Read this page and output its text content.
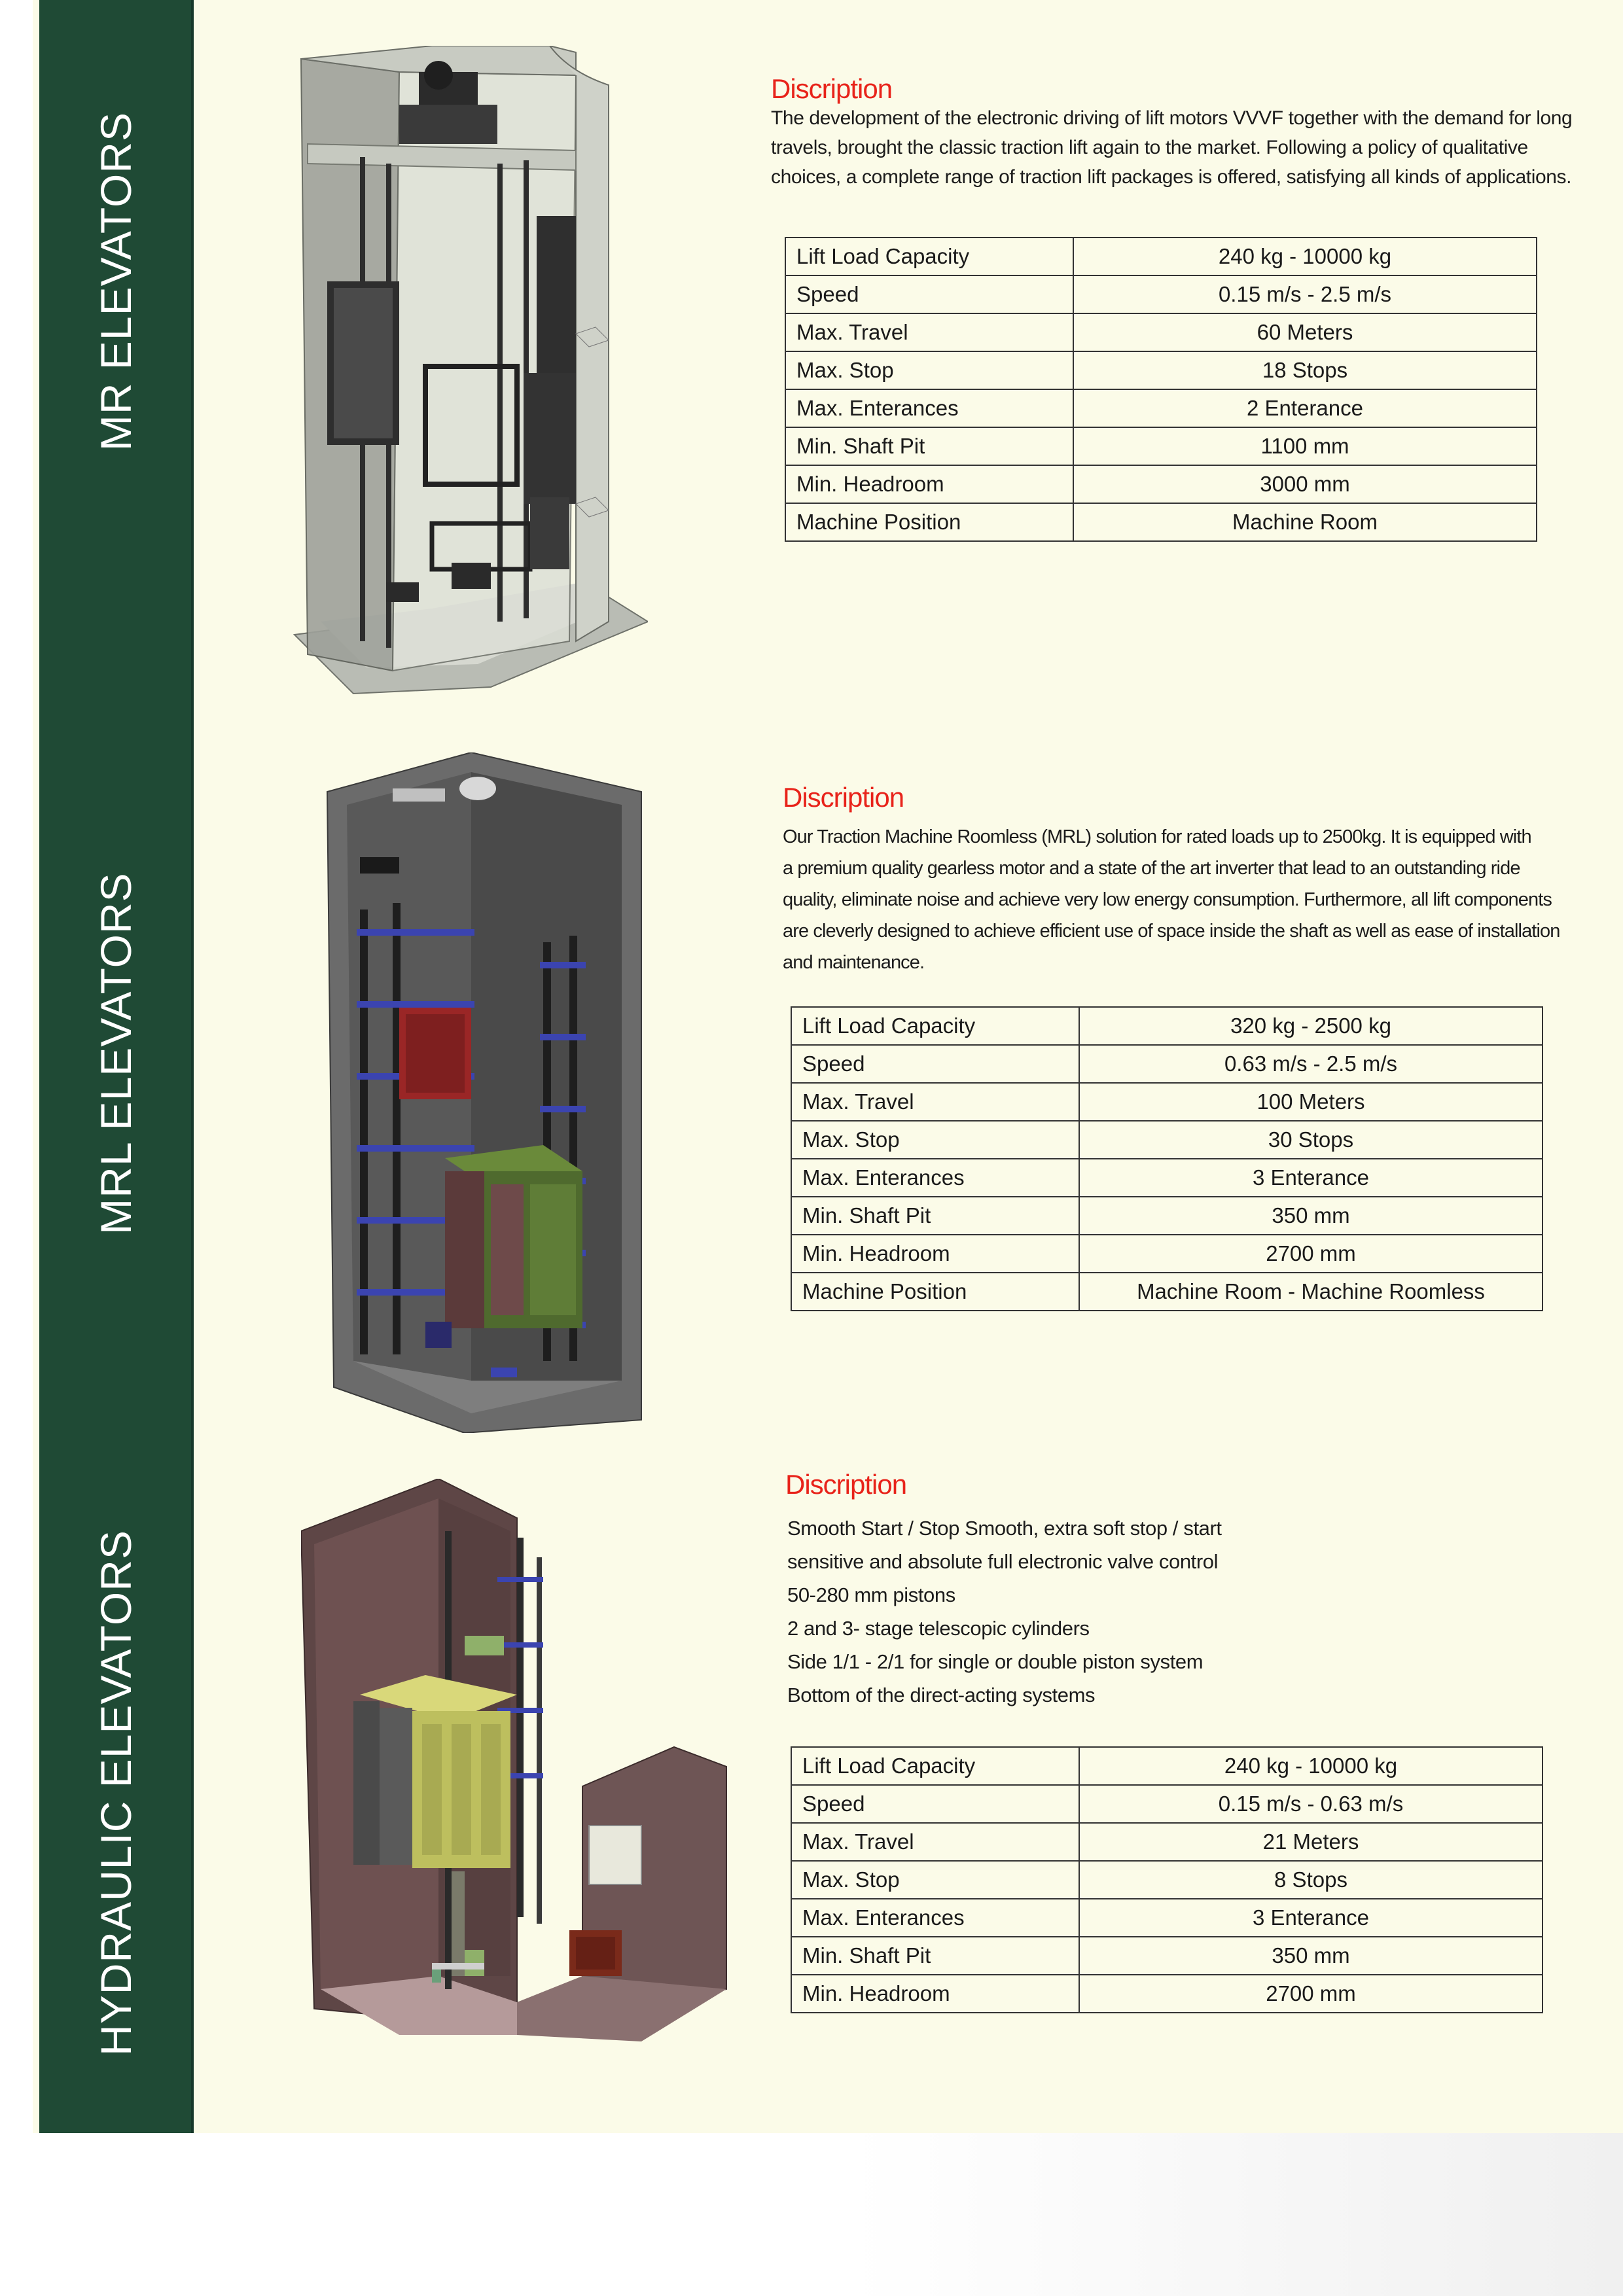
MR ELEVATORS
MRL ELEVATORS
HYDRAULIC ELEVATORS
Discription
The development of the electronic driving of lift motors VVVF together with the demand for long
travels, brought the classic traction lift again to the market. Following a policy of qualitative
choices, a complete range of traction lift packages is offered, satisfying all kinds of applications.
Lift Load Capacity	240 kg - 10000 kg
Speed	0.15 m/s - 2.5 m/s
Max. Travel	60 Meters
Max. Stop	18 Stops
Max. Enterances	2 Enterance
Min. Shaft Pit	1100 mm
Min. Headroom	3000 mm
Machine Position	Machine Room
Discription
Our Traction Machine Roomless (MRL) solution for rated loads up to 2500kg. It is equipped with
a premium quality gearless motor and a state of the art inverter that lead to an outstanding ride
quality, eliminate noise and achieve very low energy consumption. Furthermore, all lift components
are cleverly designed to achieve efficient use of space inside the shaft as well as ease of installation
and maintenance.
Lift Load Capacity	320 kg - 2500 kg
Speed	0.63 m/s - 2.5 m/s
Max. Travel	100 Meters
Max. Stop	30 Stops
Max. Enterances	3 Enterance
Min. Shaft Pit	350 mm
Min. Headroom	2700 mm
Machine Position	Machine Room - Machine Roomless
Discription
Smooth Start / Stop Smooth, extra soft stop / start
sensitive and absolute full electronic valve control
50-280 mm pistons
2 and 3- stage telescopic cylinders
Side 1/1 - 2/1 for single or double piston system
Bottom of the direct-acting systems
Lift Load Capacity	240 kg - 10000 kg
Speed	0.15 m/s - 0.63 m/s
Max. Travel	21 Meters
Max. Stop	8 Stops
Max. Enterances	3 Enterance
Min. Shaft Pit	350 mm
Min. Headroom	2700 mm
